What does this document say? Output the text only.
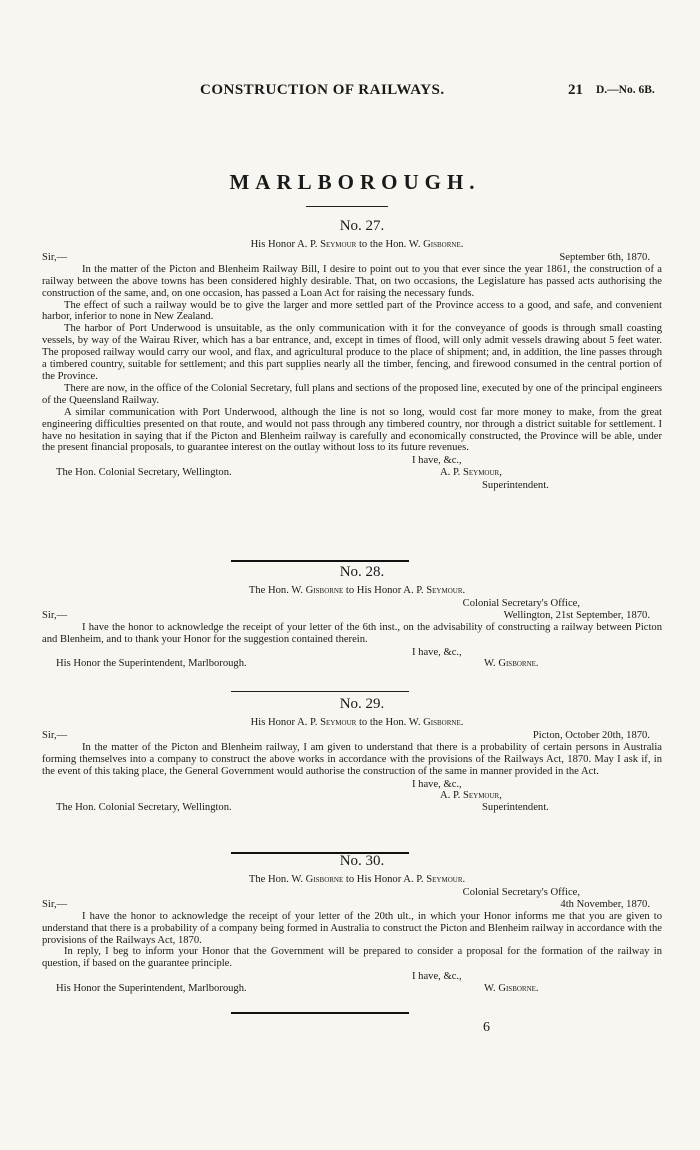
CONSTRUCTION OF RAILWAYS.	21 D.—No. 6B.
MARLBOROUGH.
No. 27.
His Honor A. P. Seymour to the Hon. W. Gisborne.
Sir,—	September 6th, 1870.

In the matter of the Picton and Blenheim Railway Bill, I desire to point out to you that ever since the year 1861, the construction of a railway between the above towns has been considered highly desirable. That, on two occasions, the Legislature has passed acts authorising the construction of the same, and, on one occasion, has passed a Loan Act for raising the necessary funds.

The effect of such a railway would be to give the larger and more settled part of the Province access to a good, and safe, and convenient harbor, inferior to none in New Zealand.

The harbor of Port Underwood is unsuitable, as the only communication with it for the conveyance of goods is through small coasting vessels, by way of the Wairau River, which has a bar entrance, and, except in times of flood, will only admit vessels drawing about 5 feet water. The proposed railway would carry our wool, and flax, and agricultural produce to the place of shipment; and, in addition, the line passes through a timbered country, suitable for settlement; and this part supplies nearly all the timber, fencing, and firewood consumed in the central portion of the Province.

There are now, in the office of the Colonial Secretary, full plans and sections of the proposed line, executed by one of the principal engineers of the Queensland Railway.

A similar communication with Port Underwood, although the line is not so long, would cost far more money to make, from the great engineering difficulties presented on that route, and would not pass through any timbered country, nor through a district suitable for settlement. I have no hesitation in saying that if the Picton and Blenheim railway is carefully and economically constructed, the Province will be able, under the present financial proposals, to guarantee interest on the outlay without loss to its future revenues.

I have, &c.,
The Hon. Colonial Secretary, Wellington.	A. P. Seymour,
Superintendent.
No. 28.
The Hon. W. Gisborne to His Honor A. P. Seymour.
Colonial Secretary's Office,
Sir,—	Wellington, 21st September, 1870.

I have the honor to acknowledge the receipt of your letter of the 6th inst., on the advisability of constructing a railway between Picton and Blenheim, and to thank your Honor for the suggestion contained therein.

I have, &c.,
His Honor the Superintendent, Marlborough.	W. Gisborne.
No. 29.
His Honor A. P. Seymour to the Hon. W. Gisborne.
Sir,—	Picton, October 20th, 1870.

In the matter of the Picton and Blenheim railway, I am given to understand that there is a probability of certain persons in Australia forming themselves into a company to construct the above works in accordance with the provisions of the Railways Act, 1870. May I ask if, in the event of this taking place, the General Government would authorise the construction of the same in manner provided in the Act.

I have, &c.,
A. P. Seymour,
The Hon. Colonial Secretary, Wellington.	Superintendent.
No. 30.
The Hon. W. Gisborne to His Honor A. P. Seymour.
Colonial Secretary's Office,
Sir,—	4th November, 1870.

I have the honor to acknowledge the receipt of your letter of the 20th ult., in which your Honor informs me that you are given to understand that there is a probability of a company being formed in Australia to construct the Picton and Blenheim railway in accordance with the provisions of the Railways Act, 1870.

In reply, I beg to inform your Honor that the Government will be prepared to consider a proposal for the formation of the railway in question, if based on the guarantee principle.

I have, &c.,
His Honor the Superintendent, Marlborough.	W. Gisborne.
6
